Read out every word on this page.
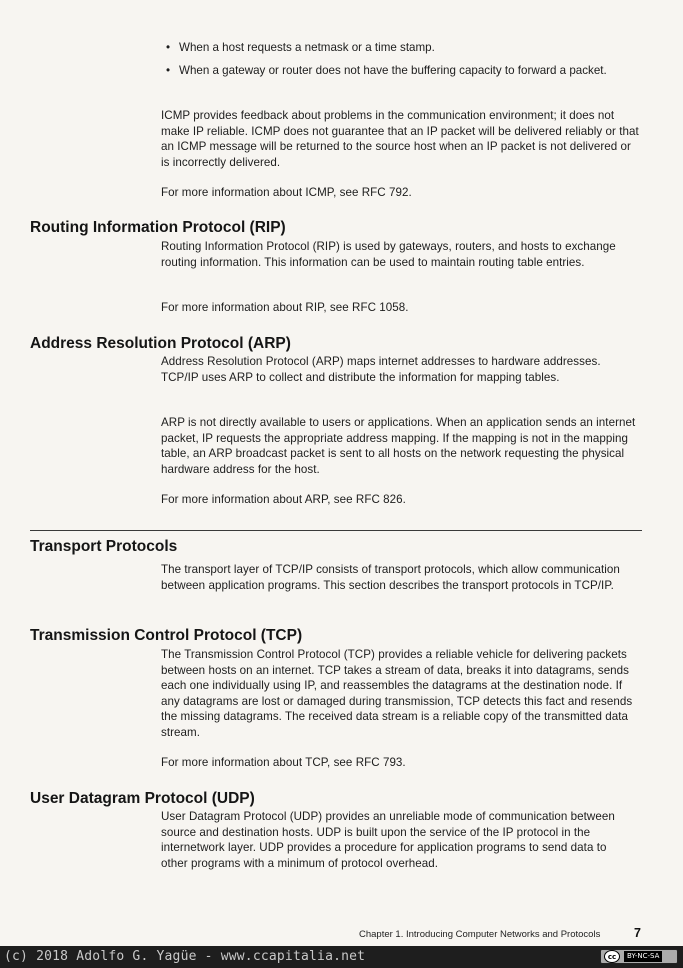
• When a host requests a netmask or a time stamp.
• When a gateway or router does not have the buffering capacity to forward a packet.

ICMP provides feedback about problems in the communication environment; it does not make IP reliable. ICMP does not guarantee that an IP packet will be delivered reliably or that an ICMP message will be returned to the source host when an IP packet is not delivered or is incorrectly delivered.

For more information about ICMP, see RFC 792.

Routing Information Protocol (RIP)

Routing Information Protocol (RIP) is used by gateways, routers, and hosts to exchange routing information. This information can be used to maintain routing table entries.

For more information about RIP, see RFC 1058.

Address Resolution Protocol (ARP)

Address Resolution Protocol (ARP) maps internet addresses to hardware addresses. TCP/IP uses ARP to collect and distribute the information for mapping tables.

ARP is not directly available to users or applications. When an application sends an internet packet, IP requests the appropriate address mapping. If the mapping is not in the mapping table, an ARP broadcast packet is sent to all hosts on the network requesting the physical hardware address for the host.

For more information about ARP, see RFC 826.

Transport Protocols

The transport layer of TCP/IP consists of transport protocols, which allow communication between application programs. This section describes the transport protocols in TCP/IP.

Transmission Control Protocol (TCP)

The Transmission Control Protocol (TCP) provides a reliable vehicle for delivering packets between hosts on an internet. TCP takes a stream of data, breaks it into datagrams, sends each one individually using IP, and reassembles the datagrams at the destination node. If any datagrams are lost or damaged during transmission, TCP detects this fact and resends the missing datagrams. The received data stream is a reliable copy of the transmitted data stream.

For more information about TCP, see RFC 793.

User Datagram Protocol (UDP)

User Datagram Protocol (UDP) provides an unreliable mode of communication between source and destination hosts. UDP is built upon the service of the IP protocol in the internetwork layer. UDP provides a procedure for application programs to send data to other programs with a minimum of protocol overhead.

Chapter 1. Introducing Computer Networks and Protocols	7
(c) 2018 Adolfo G. Yagüe - www.ccapitalia.net	cc	BY-NC-SA
